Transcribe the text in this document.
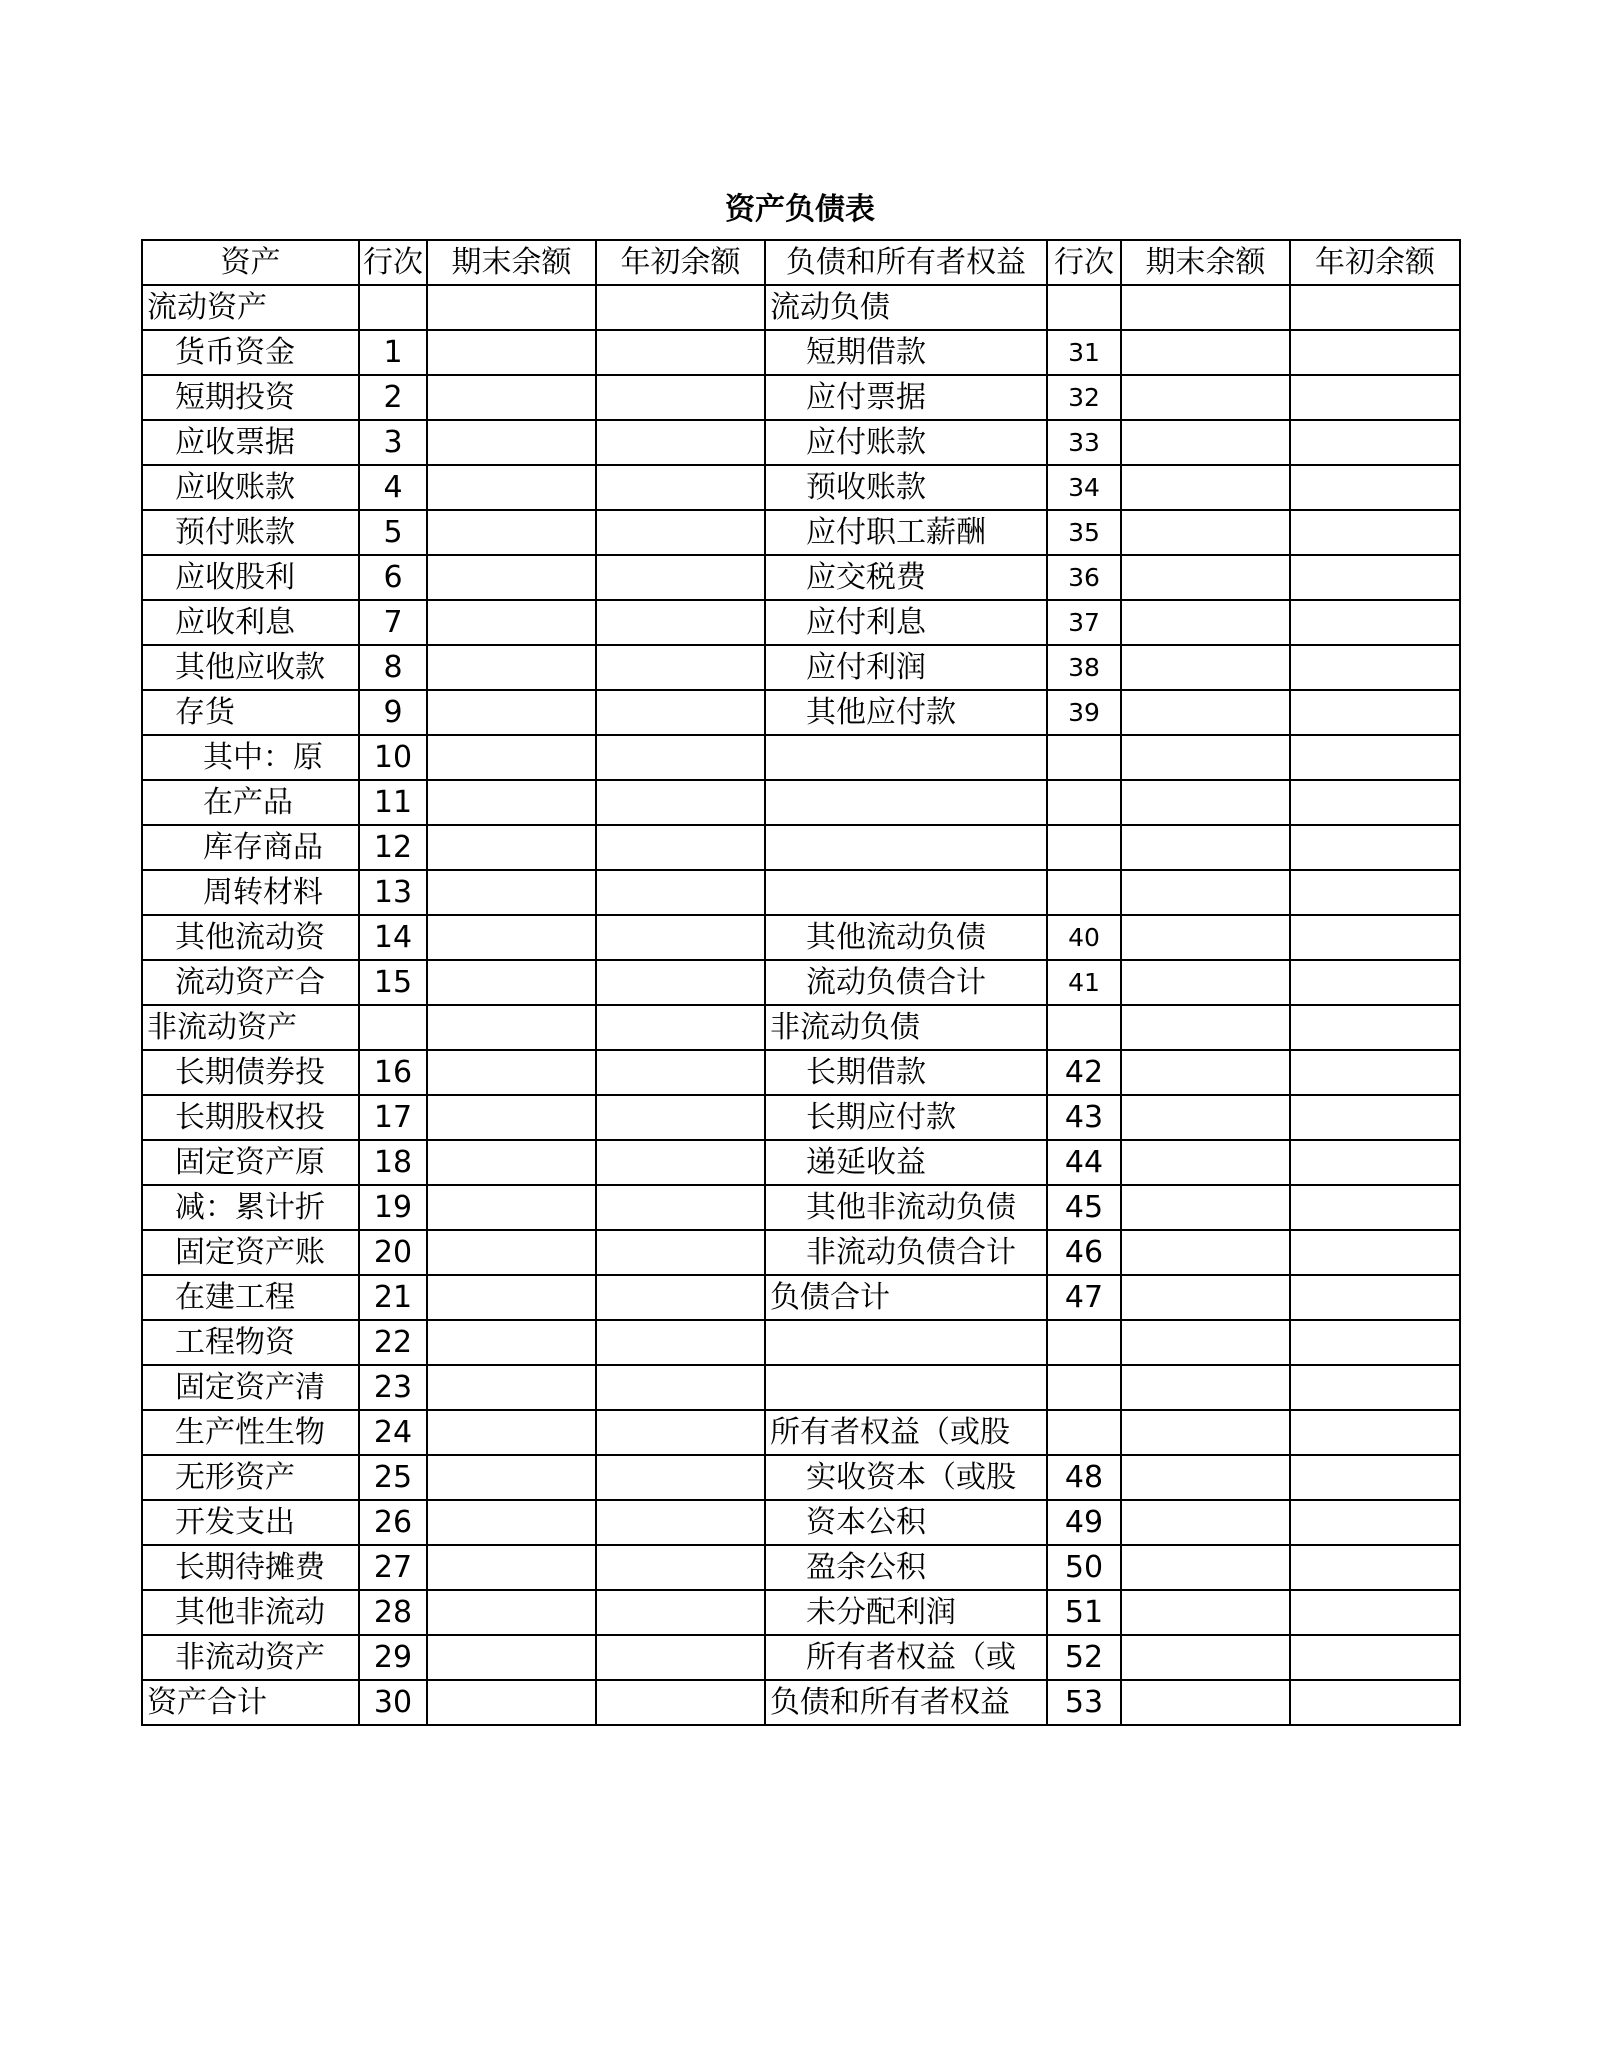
资产负债表
资产	行次	期末余额	年初余额	负债和所有者权益	行次	期末余额	年初余额
流动资产				流动负债			
货币资金	1			短期借款	31		
短期投资	2			应付票据	32		
应收票据	3			应付账款	33		
应收账款	4			预收账款	34		
预付账款	5			应付职工薪酬	35		
应收股利	6			应交税费	36		
应收利息	7			应付利息	37		
其他应收款	8			应付利润	38		
存货	9			其他应付款	39		
其中：原	10						
在产品	11						
库存商品	12						
周转材料	13						
其他流动资	14			其他流动负债	40		
流动资产合	15			流动负债合计	41		
非流动资产				非流动负债			
长期债券投	16			长期借款	42		
长期股权投	17			长期应付款	43		
固定资产原	18			递延收益	44		
减：累计折	19			其他非流动负债	45		
固定资产账	20			非流动负债合计	46		
在建工程	21			负债合计	47		
工程物资	22						
固定资产清	23						
生产性生物	24			所有者权益（或股			
无形资产	25			实收资本（或股	48		
开发支出	26			资本公积	49		
长期待摊费	27			盈余公积	50		
其他非流动	28			未分配利润	51		
非流动资产	29			所有者权益（或	52		
资产合计	30			负债和所有者权益	53		
